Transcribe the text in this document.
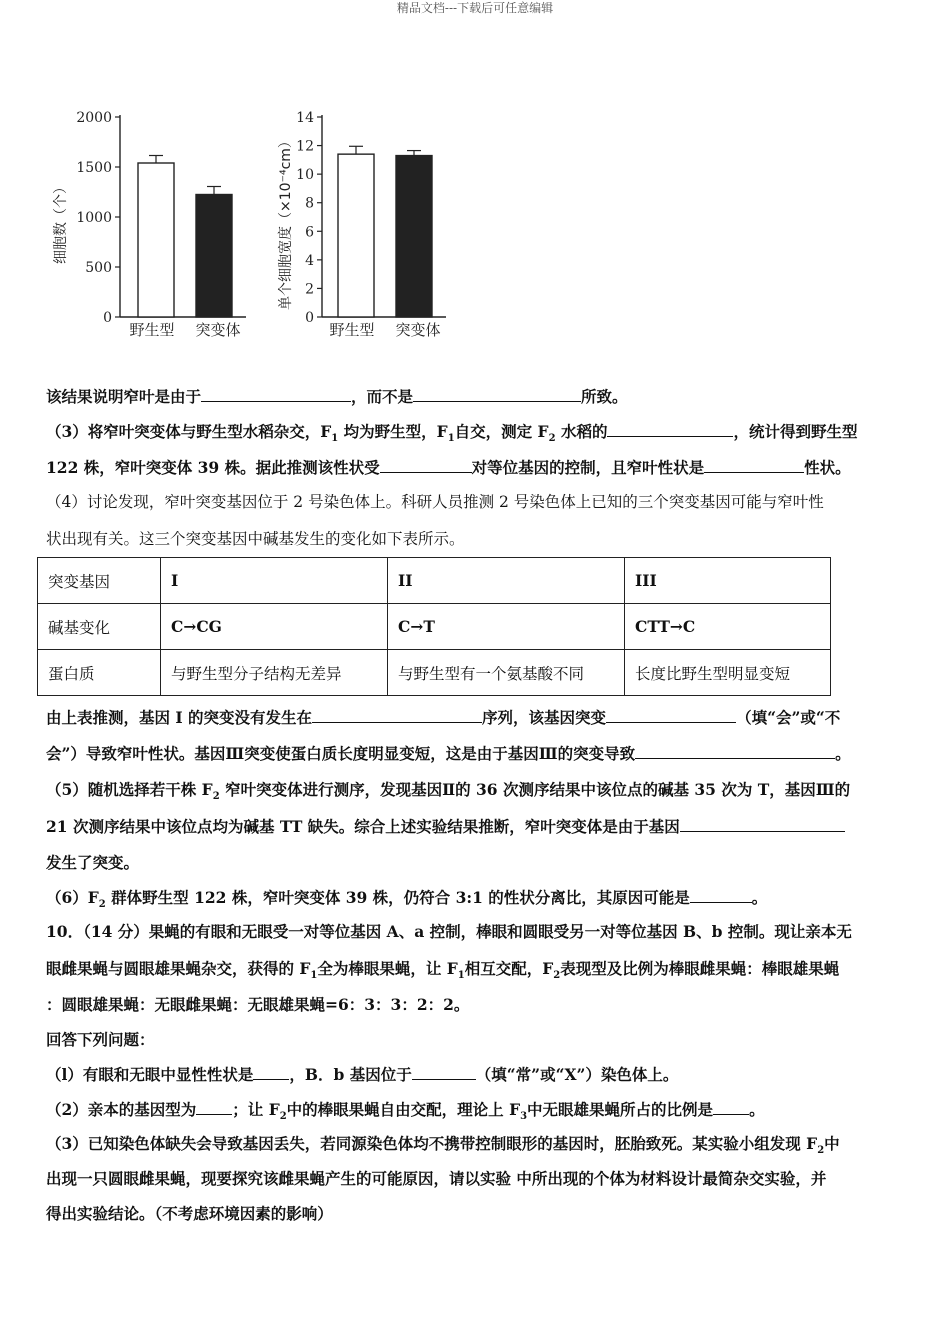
精品文档---下载后可任意编辑
0
500
1000
1500
2000
野生型 突变体
细胞数（个）
0
2
4
6
8
10
12
14
野生型 突变体
单个细胞宽度（×10⁻⁴cm）
该结果说明窄叶是由于	，而不是	所致。
（3）将窄叶突变体与野生型水稻杂交，$F_1$ 均为野生型，$F_1$自交，测定 $F_2$ 水稻的	，统计得到野生型
122 株，窄叶突变体 39 株。据此推测该性状受	对等位基因的控制，且窄叶性状是	性状。
（4）讨论发现，窄叶突变基因位于 2 号染色体上。科研人员推测 2 号染色体上已知的三个突变基因可能与窄叶性
状出现有关。这三个突变基因中碱基发生的变化如下表所示。
突变基因	I	II	III
碱基变化	C→CG	C→T	CTT→C
蛋白质	与野生型分子结构无差异	与野生型有一个氨基酸不同	长度比野生型明显变短
由上表推测，基因 I 的突变没有发生在	序列，该基因突变	（填“会”或“不
会”）导致窄叶性状。基因Ⅲ突变使蛋白质长度明显变短，这是由于基因Ⅲ的突变导致	。
（5）随机选择若干株 $F_2$ 窄叶突变体进行测序，发现基因Ⅱ的 36 次测序结果中该位点的碱基 35 次为 T，基因Ⅲ的
21 次测序结果中该位点均为碱基 TT 缺失。综合上述实验结果推断，窄叶突变体是由于基因
发生了突变。
$(6)F_2$ 群体野生型 122 株，窄叶突变体 39 株，仍符合 3:1 的性状分离比，其原因可能是	。
10．（14 分）果蝇的有眼和无眼受一对等位基因 A、a 控制，棒眼和圆眼受另一对等位基因 B、b 控制。现让亲本无
眼雌果蝇与圆眼雄果蝇杂交，获得的 $F_1$全为棒眼果蝇，让 $F_1$相互交配，$F_2$表现型及比例为棒眼雌果蝇：棒眼雄果蝇
：圆眼雄果蝇：无眼雌果蝇：无眼雄果蝇=6：3：3：2：2。
回答下列问题：
（l）有眼和无眼中显性性状是 ，B．b 基因位于	（填“常”或“X”）染色体上。
（2）亲本的基因型为 ；让 $F_2$中的棒眼果蝇自由交配，理论上 $F_3$中无眼雄果蝇所占的比例是 。
（3）已知染色体缺失会导致基因丢失，若同源染色体均不携带控制眼形的基因时，胚胎致死。某实验小组发现 $F_2$中
出现一只圆眼雌果蝇，现要探究该雌果蝇产生的可能原因，请以实验 中所出现的个体为材料设计最简杂交实验，并
得出实验结论。（不考虑环境因素的影响）
